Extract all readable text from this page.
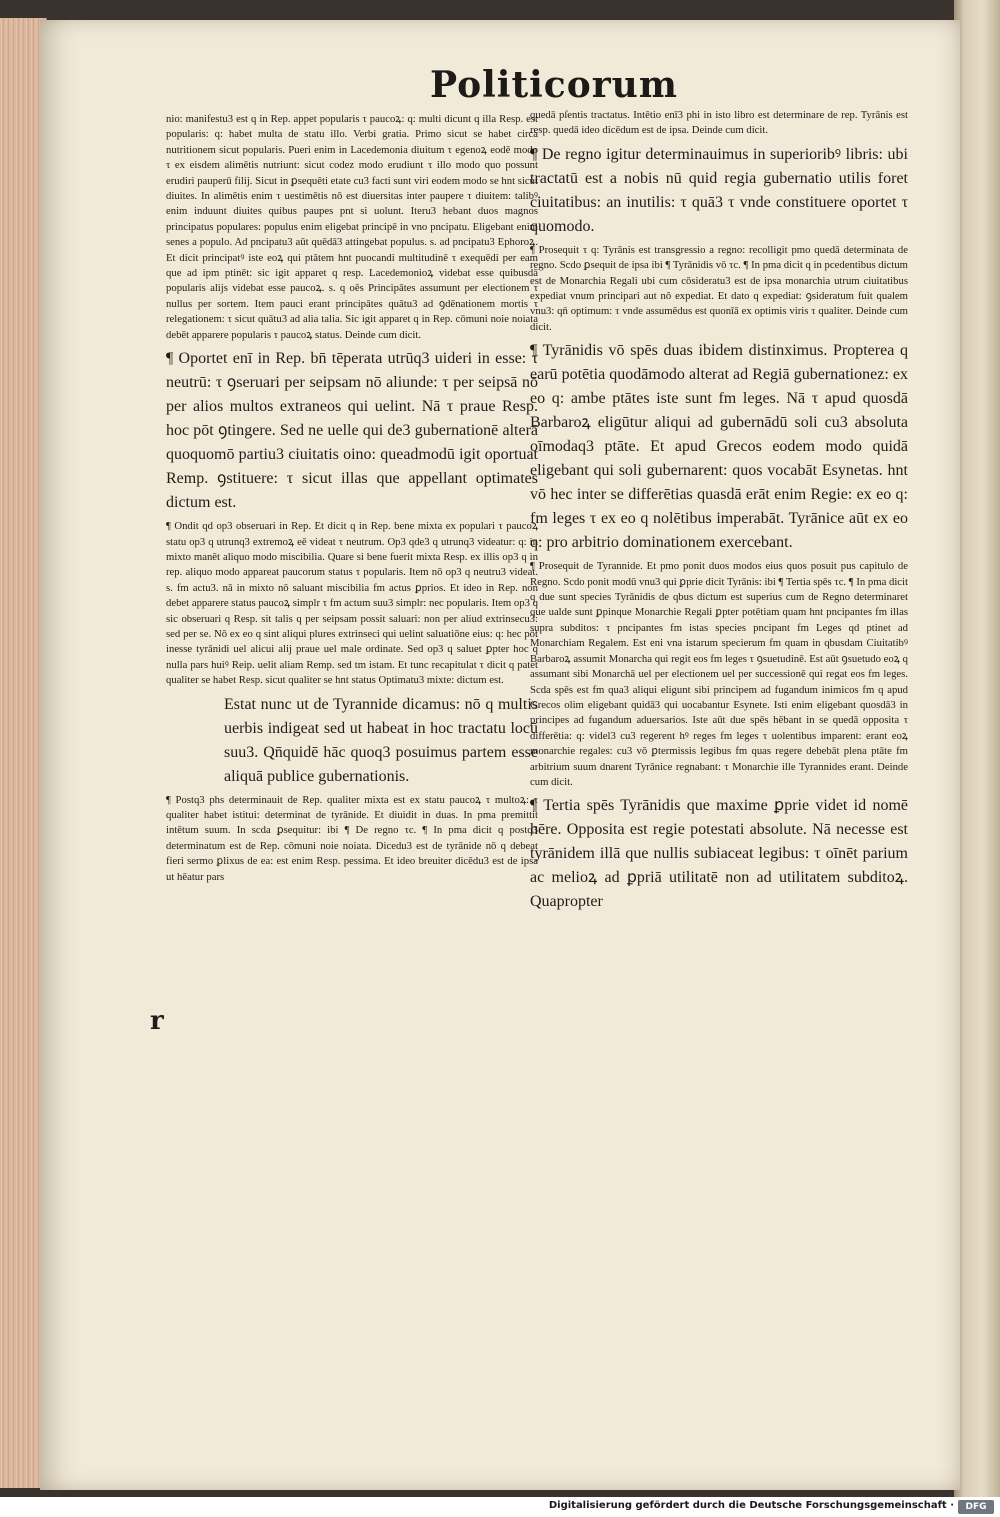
Politicorum

nio: manifestu3 est q in Rep. appet popularis τ paucoꝝ: q: multi dicunt q illa Resp. est popularis: q: habet multa de statu illo. Verbi gratia. Primo sicut se habet circa nutritionem sicut popularis. Pueri enim in Lacedemonia diuitum τ egenoꝝ eodē modo τ ex eisdem alimētis nutriunt: sicut codez modo erudiunt τ illo modo quo possunt erudiri pauperū filij. Sicut in ꝑsequēti etate cu3 facti sunt viri eodem modo se hnt sicut diuites. In alimētis enim τ uestimētis nō est diuersitas inter paupere τ diuitem: talibꝰ enim induunt diuites quibus paupes pnt si uolunt. Iteru3 hebant duos magnos principatus populares: populus enim eligebat principē in vno pncipatu. Eligebant enim senes a populo. Ad pncipatu3 aūt quēdā3 attingebat populus. s. ad pncipatu3 Ephoroꝝ. Et dicit principatꝰ iste eoꝝ qui ptātem hnt puocandi multitudinē τ exequēdi per eam que ad ipm ptinēt: sic igit apparet q resp. Lacedemonioꝝ videbat esse quibusdā popularis alijs videbat esse paucoꝝ. s. q oēs Principātes assumunt per electionem τ nullus per sortem. Item pauci erant principātes quātu3 ad ꝯdēnationem mortis τ relegationem: τ sicut quātu3 ad alia talia. Sic igit apparet q in Rep. cōmuni noie noiata debēt apparere popularis τ paucoꝝ status. Deinde cum dicit.

¶ Oportet enī in Rep. bn̄ tēperata utrūq3 uideri in esse: τ neutrū: τ ꝯseruari per seipsam nō aliunde: τ per seipsā nō per alios multos extraneos qui uelint. Nā τ praue Resp. hoc pōt ꝯtingere. Sed ne uelle qui de3 gubernationē alterā quoquomō partiu3 ciuitatis oino: queadmodū igit oportuat Remp. ꝯstituere: τ sicut illas que appellant optimates dictum est.

¶ Ondit qd op3 obseruari in Rep. Et dicit q in Rep. bene mixta ex populari τ paucoꝝ statu op3 q utrunq3 extremoꝝ eē videat τ neutrum. Op3 qde3 q utrunq3 videatur: q: in mixto manēt aliquo modo miscibilia. Quare si bene fuerit mixta Resp. ex illis op3 q in rep. aliquo modo appareat paucorum status τ popularis. Item nō op3 q neutru3 videat. s. fm actu3. nā in mixto nō saluant miscibilia fm actus ꝑprios. Et ideo in Rep. non debet apparere status paucoꝝ simplr τ fm actum suu3 simplr: nec popularis. Item op3 q sic obseruari q Resp. sit talis q per seipsam possit saluari: non per aliud extrinsecu3: sed per se. Nō ex eo q sint aliqui plures extrinseci qui uelint saluatiōne eius: q: hec pōt inesse tyrānidi uel alicui alij praue uel male ordinate. Sed op3 q saluet ꝑpter hoc q nulla pars huiꝰ Reip. uelit aliam Remp. sed tm istam. Et tunc recapitulat τ dicit q patet qualiter se habet Resp. sicut qualiter se hnt status Optimatu3 mixte: dictum est.

Estat nunc ut de Tyrannide dicamus: nō q multis uerbis indigeat sed ut habeat in hoc tractatu locū suu3. Qn̄quidē hāc quoq3 posuimus partem esse aliquā publice gubernationis.

¶ Postq3 phs determinauit de Rep. qualiter mixta est ex statu paucoꝝ τ multoꝝ: τ qualiter habet istitui: determinat de tyrānide. Et diuidit in duas. In pma premittit intētum suum. In scda ꝑsequitur: ibi ¶ De regno τc. ¶ In pma dicit q postq3 determinatum est de Rep. cōmuni noie noiata. Dicedu3 est de tyrānide nō q debeat fieri sermo ꝑlixus de ea: est enim Resp. pessima. Et ideo breuiter dicēdu3 est de ipsa ut hēatur pars

quedā pſentis tractatus. Intētio enī3 phi in isto libro est determinare de rep. Tyrānis est resp. quedā ideo dicēdum est de ipsa. Deinde cum dicit.

¶ De regno igitur determinauimus in superioribꝰ libris: ubi tractatū est a nobis nū quid regia gubernatio utilis foret ciuitatibus: an inutilis: τ quā3 τ vnde constituere oportet τ quomodo.

¶ Prosequit τ q: Tyrānis est transgressio a regno: recolligit pmo quedā determinata de regno. Scdo ꝑsequit de ipsa ibi ¶ Tyrānidis vō τc. ¶ In pma dicit q in pcedentibus dictum est de Monarchia Regali ubi cum cōsideratu3 est de ipsa monarchia utrum ciuitatibus expediat vnum principari aut nō expediat. Et dato q expediat: ꝯsideratum fuit qualem vnu3: qn̄ optimum: τ vnde assumēdus est quonīā ex optimis viris τ qualiter. Deinde cum dicit.

¶ Tyrānidis vō spēs duas ibidem distinximus. Propterea q earū potētia quodāmodo alterat ad Regiā gubernationez: ex eo q: ambe ptātes iste sunt fm leges. Nā τ apud quosdā Barbaroꝝ eligūtur aliqui ad gubernādū soli cu3 absoluta oīmodaq3 ptāte. Et apud Grecos eodem modo quidā eligebant qui soli gubernarent: quos vocabāt Esynetas. hnt vō hec inter se differētias quasdā erāt enim Regie: ex eo q: fm leges τ ex eo q nolētibus imperabāt. Tyrānice aūt ex eo q: pro arbitrio dominationem exercebant.

¶ Prosequit de Tyrannide. Et pmo ponit duos modos eius quos posuit pus capitulo de Regno. Scdo ponit modū vnu3 qui ꝑprie dicit Tyrānis: ibi ¶ Tertia spēs τc. ¶ In pma dicit q due sunt species Tyrānidis de qbus dictum est superius cum de Regno determinaret que ualde sunt ꝑpinque Monarchie Regali ꝑpter potētiam quam hnt pncipantes fm illas supra subditos: τ pncipantes fm istas species pncipant fm Leges qd ptinet ad Monarchiam Regalem. Est eni vna istarum specierum fm quam in qbusdam Ciuitatibꝰ Barbaroꝝ assumit Monarcha qui regit eos fm leges τ ꝯsuetudinē. Est aūt ꝯsuetudo eoꝝ q assumant sibi Monarchā uel per electionem uel per successionē qui regat eos fm leges. Scda spēs est fm qua3 aliqui eligunt sibi principem ad fugandum inimicos fm q apud Grecos olim eligebant quidā3 qui uocabantur Esynete. Isti enim eligebant quosdā3 in principes ad fugandum aduersarios. Iste aūt due spēs hēbant in se quedā opposita τ differētia: q: videl3 cu3 regerent hꝰ reges fm leges τ uolentibus imparent: erant eoꝝ monarchie regales: cu3 vō ꝑtermissis legibus fm quas regere debebāt plena ptāte fm arbitrium suum dnarent Tyrānice regnabant: τ Monarchie ille Tyrannides erant. Deinde cum dicit.

¶ Tertia spēs Tyrānidis que maxime ꝑprie videt id nomē hēre. Opposita est regie potestati absolute. Nā necesse est tyrānidem illā que nullis subiaceat legibus: τ oīnēt parium ac melioꝝ ad ꝑpriā utilitatē non ad utilitatem subditoꝝ. Quapropter

r
Digitalisierung gefördert durch die Deutsche Forschungsgemeinschaft ·	DFG
